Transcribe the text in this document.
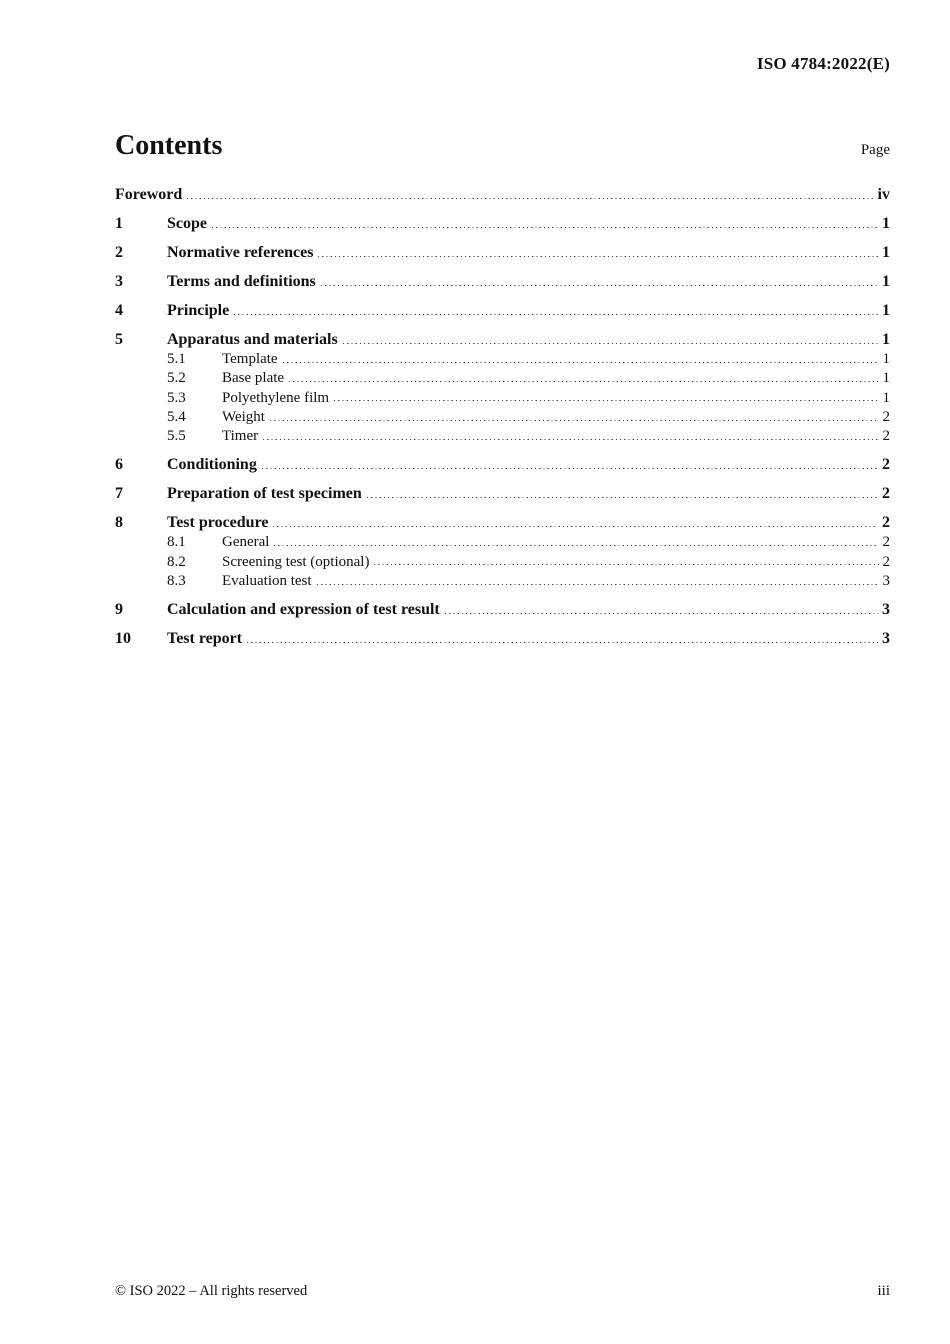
ISO 4784:2022(E)
Contents	Page
Foreword	iv
1	Scope	1
2	Normative references	1
3	Terms and definitions	1
4	Principle	1
5	Apparatus and materials	1
5.1	Template	1
5.2	Base plate	1
5.3	Polyethylene film	1
5.4	Weight	2
5.5	Timer	2
6	Conditioning	2
7	Preparation of test specimen	2
8	Test procedure	2
8.1	General	2
8.2	Screening test (optional)	2
8.3	Evaluation test	3
9	Calculation and expression of test result	3
10	Test report	3
© ISO 2022 – All rights reserved	iii
